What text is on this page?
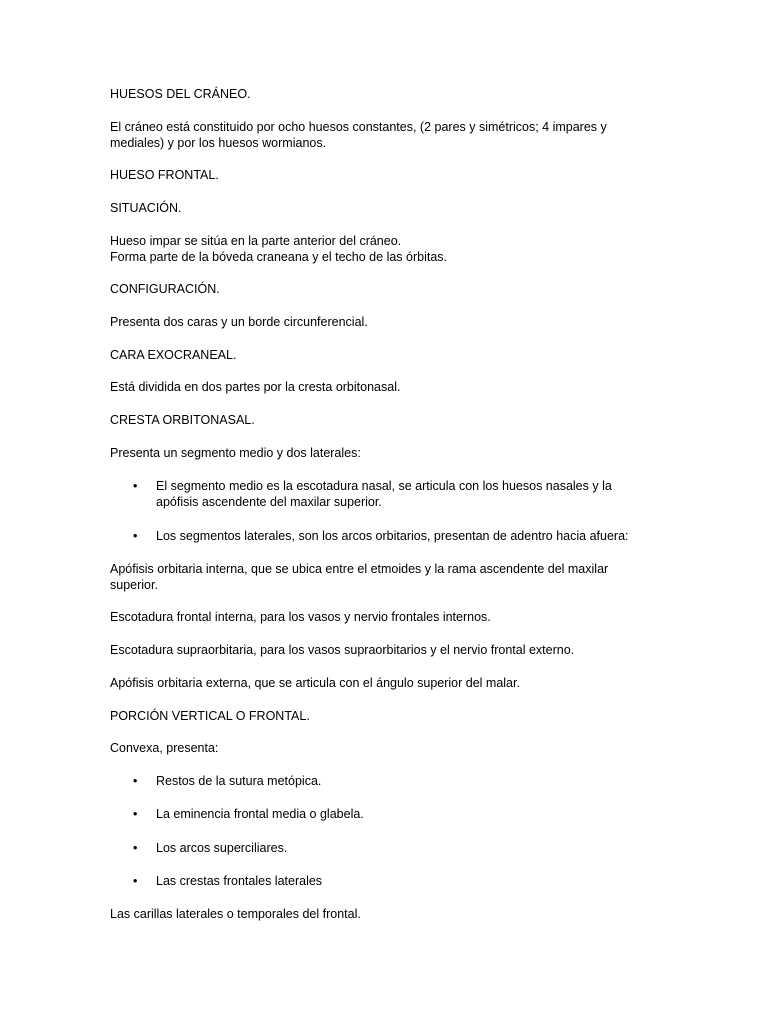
HUESOS DEL CRÁNEO.

El cráneo está constituido por ocho huesos constantes, (2 pares y simétricos; 4 impares y mediales) y por los huesos wormianos.

HUESO FRONTAL.

SITUACIÓN.

Hueso impar se sitúa en la parte anterior del cráneo.

Forma parte de la bóveda craneana y el techo de las órbitas.

CONFIGURACIÓN.

Presenta dos caras y un borde circunferencial.

CARA EXOCRANEAL.

Está dividida en dos partes por la cresta orbitonasal.

CRESTA ORBITONASAL.

Presenta un segmento medio y dos laterales:

• El segmento medio es la escotadura nasal, se articula con los huesos nasales y la apófisis ascendente del maxilar superior.
• Los segmentos laterales, son los arcos orbitarios, presentan de adentro hacia afuera:

Apófisis orbitaria interna, que se ubica entre el etmoides y la rama ascendente del maxilar superior.

Escotadura frontal interna, para los vasos y nervio frontales internos.

Escotadura supraorbitaria, para los vasos supraorbitarios y el nervio frontal externo.

Apófisis orbitaria externa, que se articula con el ángulo superior del malar.

PORCIÓN VERTICAL O FRONTAL.

Convexa, presenta:

• Restos de la sutura metópica.
• La eminencia frontal media o glabela.
• Los arcos superciliares.
• Las crestas frontales laterales

Las carillas laterales o temporales del frontal.
